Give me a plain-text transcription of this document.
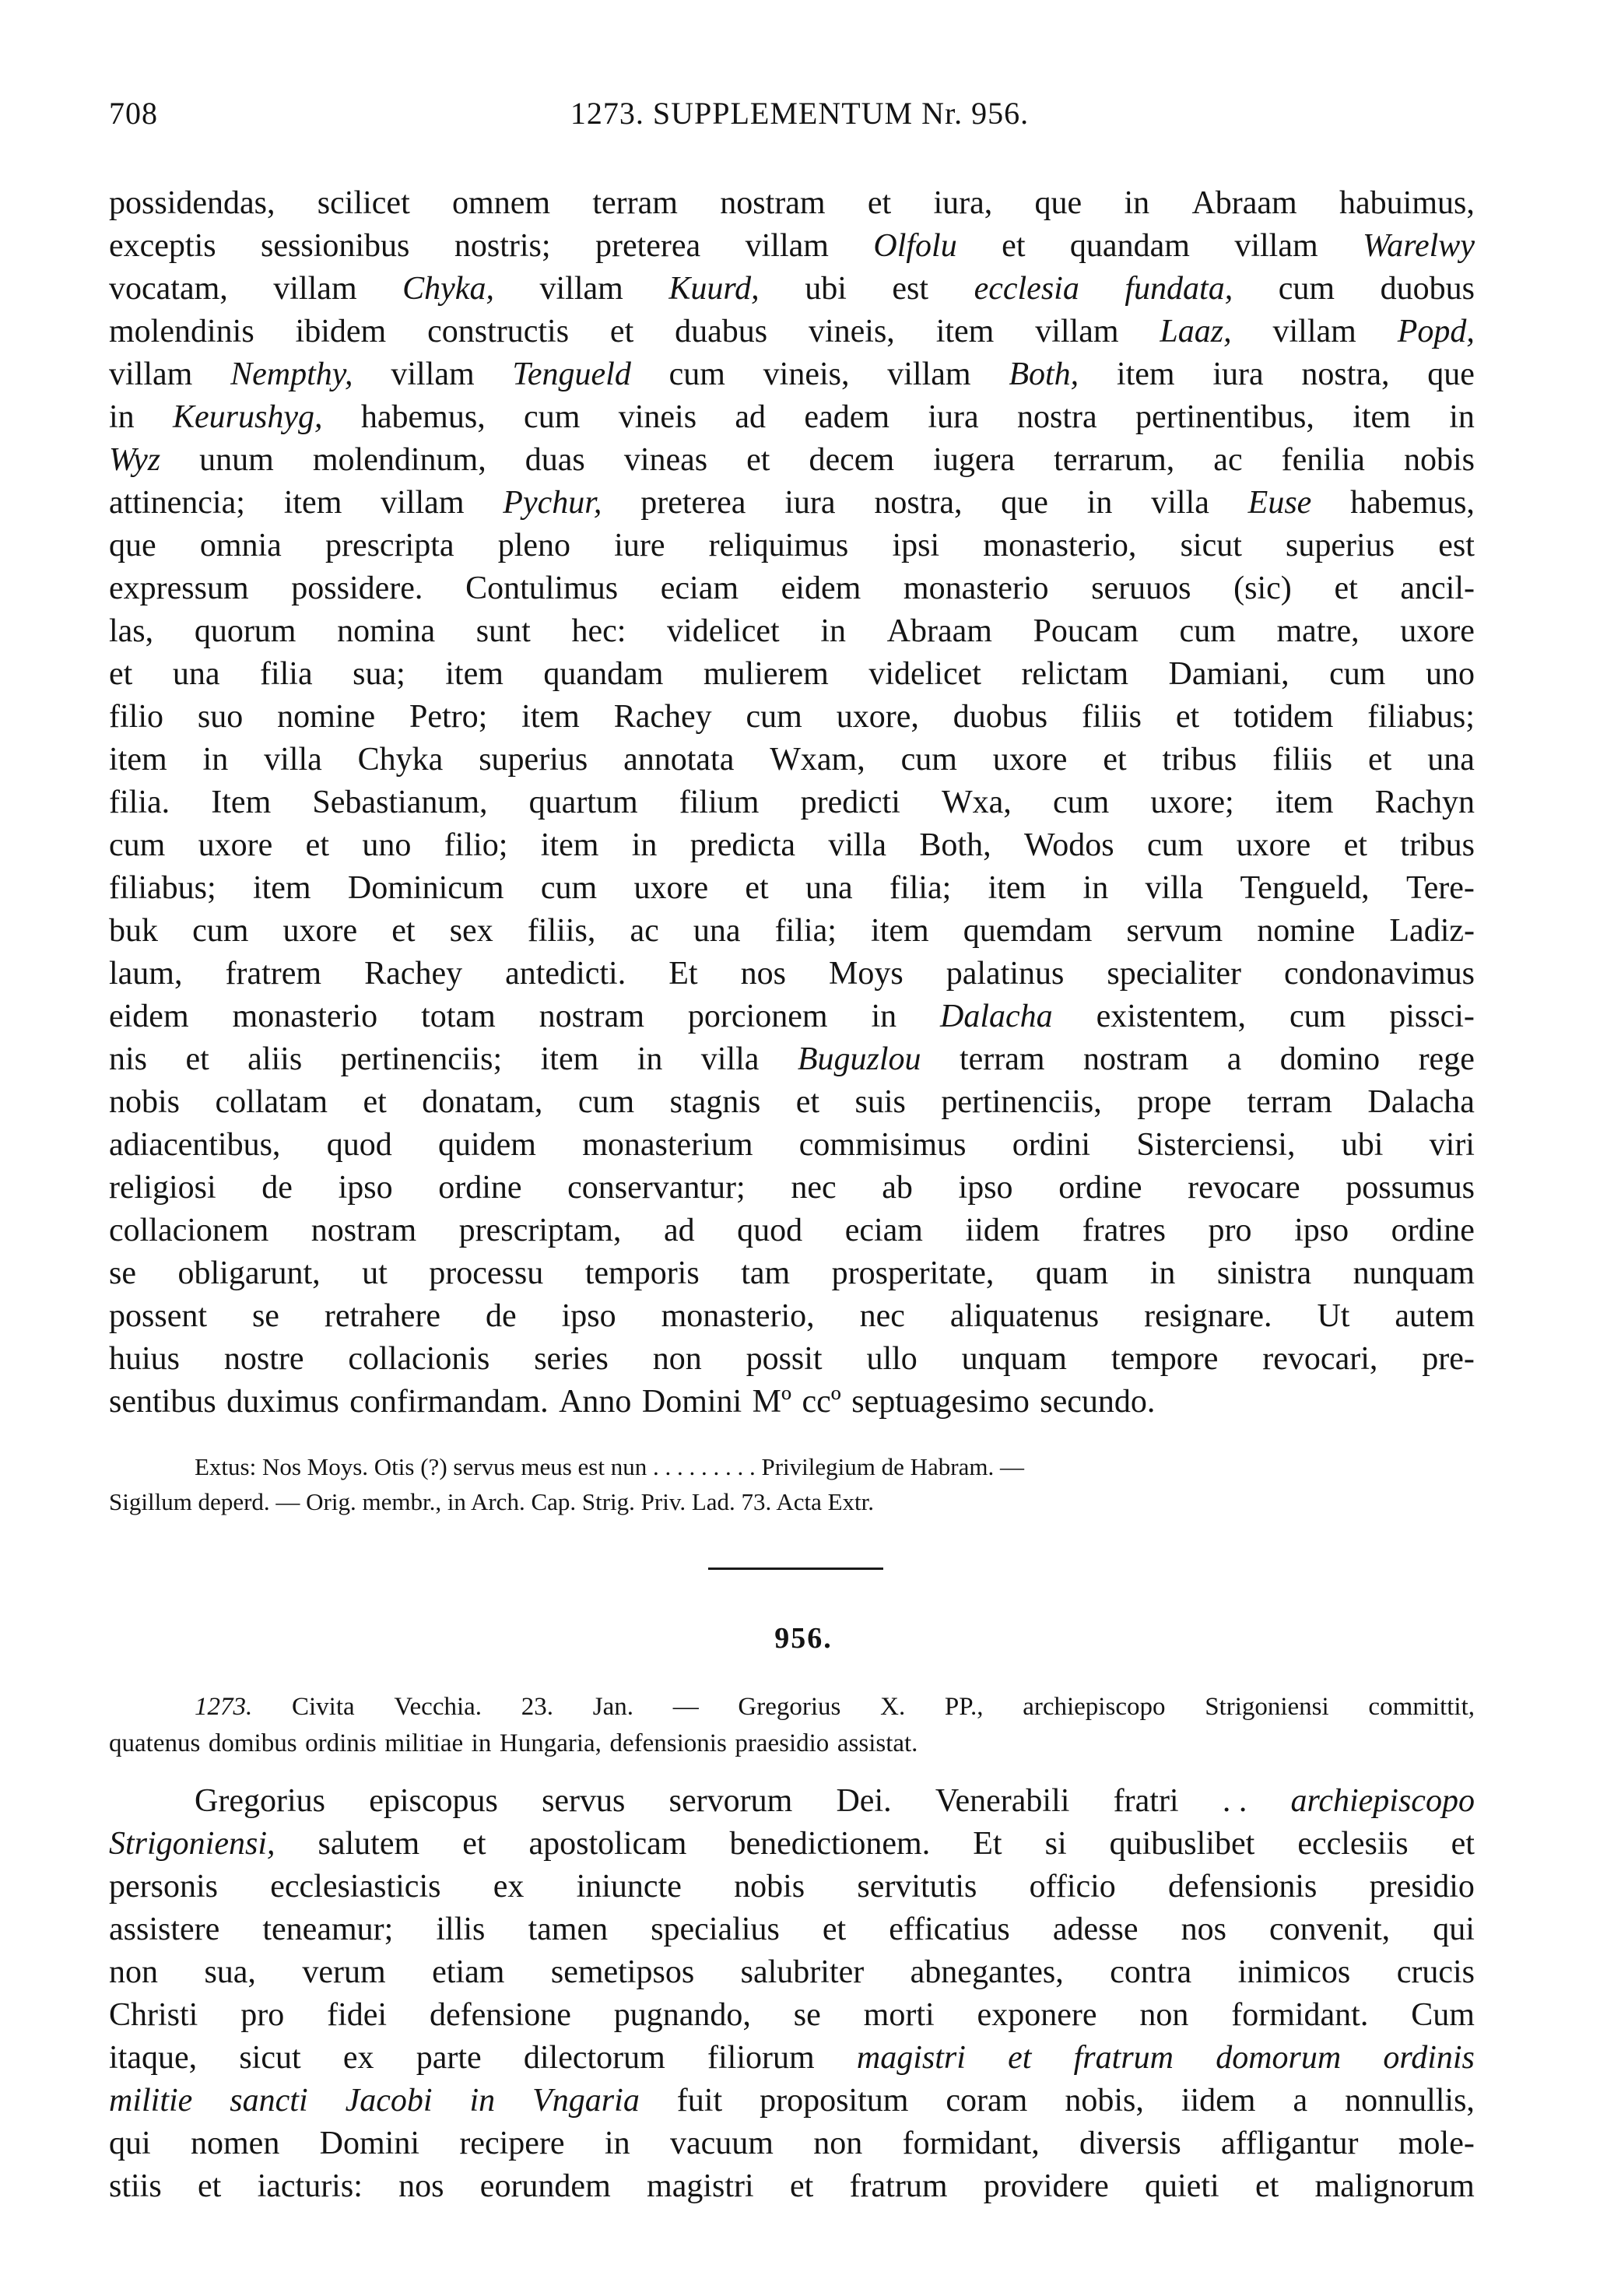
708	1273. SUPPLEMENTUM Nr. 956.
possidendas, scilicet omnem terram nostram et iura, que in Abraam habuimus,
exceptis sessionibus nostris; preterea villam Olfolu et quandam villam Warelwy
vocatam, villam Chyka, villam Kuurd, ubi est ecclesia fundata, cum duobus
molendinis ibidem constructis et duabus vineis, item villam Laaz, villam Popd,
villam Nempthy, villam Tengueld cum vineis, villam Both, item iura nostra, que
in Keurushyg, habemus, cum vineis ad eadem iura nostra pertinentibus, item in
Wyz unum molendinum, duas vineas et decem iugera terrarum, ac fenilia nobis
attinencia; item villam Pychur, preterea iura nostra, que in villa Euse habemus,
que omnia prescripta pleno iure reliquimus ipsi monasterio, sicut superius est
expressum possidere. Contulimus eciam eidem monasterio seruuos (sic) et ancil-
las, quorum nomina sunt hec: videlicet in Abraam Poucam cum matre, uxore
et una filia sua; item quandam mulierem videlicet relictam Damiani, cum uno
filio suo nomine Petro; item Rachey cum uxore, duobus filiis et totidem filiabus;
item in villa Chyka superius annotata Wxam, cum uxore et tribus filiis et una
filia. Item Sebastianum, quartum filium predicti Wxa, cum uxore; item Rachyn
cum uxore et uno filio; item in predicta villa Both, Wodos cum uxore et tribus
filiabus; item Dominicum cum uxore et una filia; item in villa Tengueld, Tere-
buk cum uxore et sex filiis, ac una filia; item quemdam servum nomine Ladiz-
laum, fratrem Rachey antedicti. Et nos Moys palatinus specialiter condonavimus
eidem monasterio totam nostram porcionem in Dalacha existentem, cum pissci-
nis et aliis pertinenciis; item in villa Buguzlou terram nostram a domino rege
nobis collatam et donatam, cum stagnis et suis pertinenciis, prope terram Dalacha
adiacentibus, quod quidem monasterium commisimus ordini Sisterciensi, ubi viri
religiosi de ipso ordine conservantur; nec ab ipso ordine revocare possumus
collacionem nostram prescriptam, ad quod eciam iidem fratres pro ipso ordine
se obligarunt, ut processu temporis tam prosperitate, quam in sinistra nunquam
possent se retrahere de ipso monasterio, nec aliquatenus resignare. Ut autem
huius nostre collacionis series non possit ullo unquam tempore revocari, pre-
sentibus duximus confirmandam. Anno Domini Mº ccº septuagesimo secundo.
Extus: Nos Moys. Otis (?) servus meus est nun . . . . . . . . . Privilegium de Habram. —
Sigillum deperd. — Orig. membr., in Arch. Cap. Strig. Priv. Lad. 73. Acta Extr.
956.
1273. Civita Vecchia. 23. Jan. — Gregorius X. PP., archiepiscopo Strigoniensi committit,
quatenus domibus ordinis militiae in Hungaria, defensionis praesidio assistat.
Gregorius episcopus servus servorum Dei. Venerabili fratri . . archiepiscopo
Strigoniensi, salutem et apostolicam benedictionem. Et si quibuslibet ecclesiis et
personis ecclesiasticis ex iniuncte nobis servitutis officio defensionis presidio
assistere teneamur; illis tamen specialius et efficatius adesse nos convenit, qui
non sua, verum etiam semetipsos salubriter abnegantes, contra inimicos crucis
Christi pro fidei defensione pugnando, se morti exponere non formidant. Cum
itaque, sicut ex parte dilectorum filiorum magistri et fratrum domorum ordinis
militie sancti Jacobi in Vngaria fuit propositum coram nobis, iidem a nonnullis,
qui nomen Domini recipere in vacuum non formidant, diversis affligantur mole-
stiis et iacturis: nos eorundem magistri et fratrum providere quieti et malignorum
